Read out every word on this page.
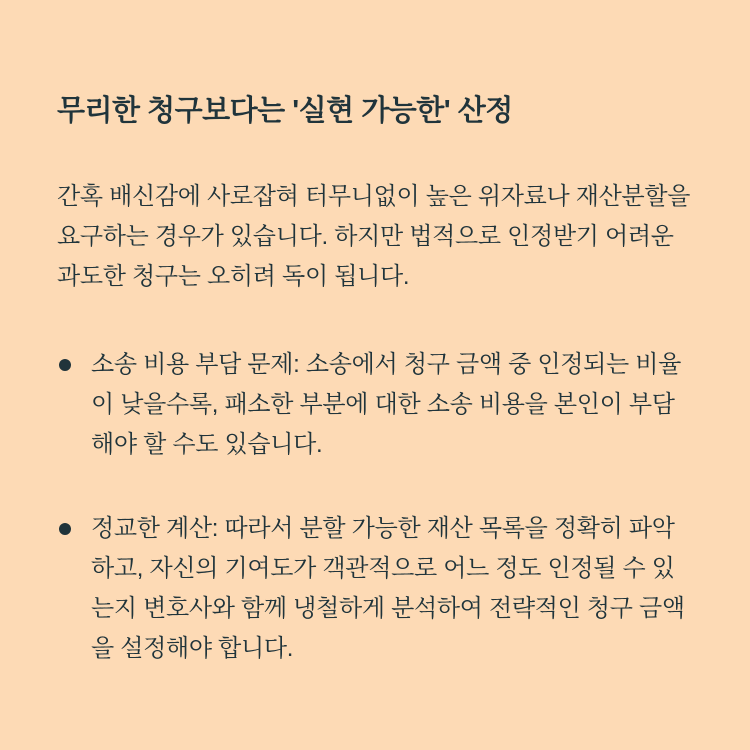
무리한 청구보다는 '실현 가능한' 산정

간혹 배신감에 사로잡혀 터무니없이 높은 위자료나 재산분할을 요구하는 경우가 있습니다. 하지만 법적으로 인정받기 어려운 과도한 청구는 오히려 독이 됩니다.

소송 비용 부담 문제: 소송에서 청구 금액 중 인정되는 비율이 낮을수록, 패소한 부분에 대한 소송 비용을 본인이 부담해야 할 수도 있습니다.
정교한 계산: 따라서 분할 가능한 재산 목록을 정확히 파악하고, 자신의 기여도가 객관적으로 어느 정도 인정될 수 있는지 변호사와 함께 냉철하게 분석하여 전략적인 청구 금액을 설정해야 합니다.
